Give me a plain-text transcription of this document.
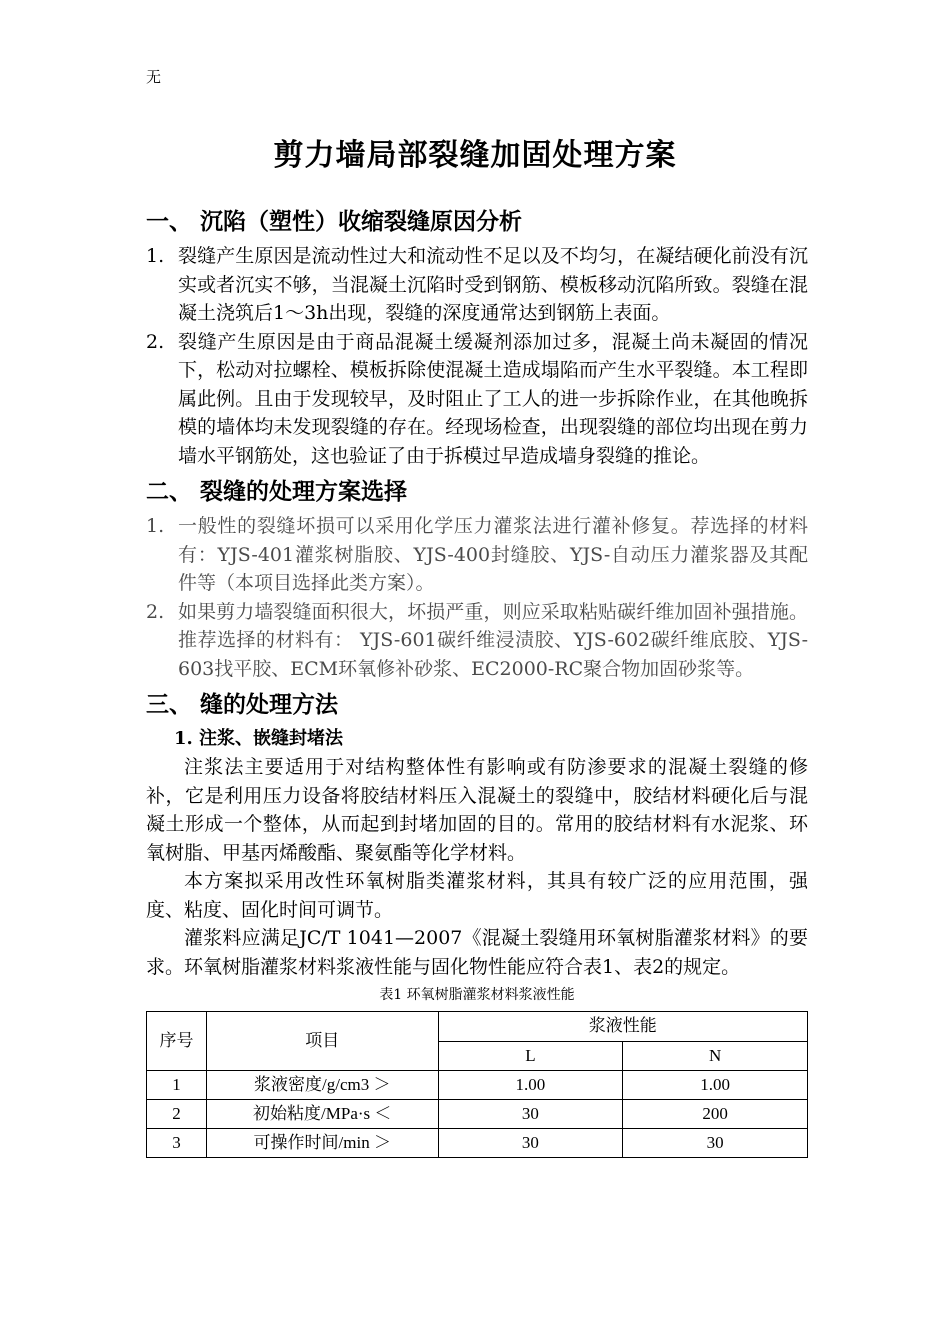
无
剪力墙局部裂缝加固处理方案
一、 沉陷（塑性）收缩裂缝原因分析
1. 裂缝产生原因是流动性过大和流动性不足以及不均匀，在凝结硬化前没有沉实或者沉实不够，当混凝土沉陷时受到钢筋、模板移动沉陷所致。裂缝在混凝土浇筑后1～3h出现，裂缝的深度通常达到钢筋上表面。
2. 裂缝产生原因是由于商品混凝土缓凝剂添加过多，混凝土尚未凝固的情况下，松动对拉螺栓、模板拆除使混凝土造成塌陷而产生水平裂缝。本工程即属此例。且由于发现较早，及时阻止了工人的进一步拆除作业，在其他晚拆模的墙体均未发现裂缝的存在。经现场检查，出现裂缝的部位均出现在剪力墙水平钢筋处，这也验证了由于拆模过早造成墙身裂缝的推论。
二、 裂缝的处理方案选择
1. 一般性的裂缝坏损可以采用化学压力灌浆法进行灌补修复。荐选择的材料有：YJS-401灌浆树脂胶、YJS-400封缝胶、YJS-自动压力灌浆器及其配件等（本项目选择此类方案）。
2. 如果剪力墙裂缝面积很大，坏损严重，则应采取粘贴碳纤维加固补强措施。推荐选择的材料有： YJS-601碳纤维浸渍胶、YJS-602碳纤维底胶、YJS-603找平胶、ECM环氧修补砂浆、EC2000-RC聚合物加固砂浆等。
三、 缝的处理方法
1. 注浆、嵌缝封堵法

注浆法主要适用于对结构整体性有影响或有防渗要求的混凝土裂缝的修补，它是利用压力设备将胶结材料压入混凝土的裂缝中，胶结材料硬化后与混凝土形成一个整体，从而起到封堵加固的目的。常用的胶结材料有水泥浆、环氧树脂、甲基丙烯酸酯、聚氨酯等化学材料。

本方案拟采用改性环氧树脂类灌浆材料，其具有较广泛的应用范围，强度、粘度、固化时间可调节。

灌浆料应满足JC/T 1041—2007《混凝土裂缝用环氧树脂灌浆材料》的要求。环氧树脂灌浆材料浆液性能与固化物性能应符合表1、表2的规定。

表1 环氧树脂灌浆材料浆液性能
序号	项目	浆液性能	
		L	N
1	浆液密度/g/cm3 ＞	1.00	1.00
2	初始粘度/MPa·s ＜	30	200
3	可操作时间/min ＞	30	30
